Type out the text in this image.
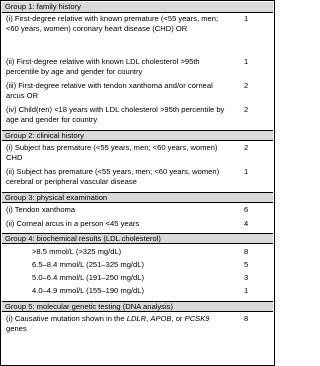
Group 1: family history
(i) First-degree relative with known premature (<55 years, men; <60 years, women) coronary heart disease (CHD) OR
1
(ii) First-degree relative with known LDL cholesterol >95th percentile by age and gender for country
1
(iii) First-degree relative with tendon xanthoma and/or corneal arcus OR
2
(iv) Child(ren) <18 years with LDL cholesterol >95th percentile by age and gender for country
2
Group 2: clinical history
(i) Subject has premature (<55 years, men; <60 years, women) CHD
2
(ii) Subject has premature (<55 years, men; <60 years, women) cerebral or peripheral vascular disease
1
Group 3: physical examination
(i) Tendon xanthoma	6
(ii) Corneal arcus in a person <45 years	4
Group 4: biochemical results (LDL cholesterol)
>8.5 mmol/L (>325 mg/dL)	8
6.5–8.4 mmol/L (251–325 mg/dL)	5
5.0–6.4 mmol/L (191–250 mg/dL)	3
4.0–4.9 mmol/L (155–190 mg/dL)	1
Group 5: molecular genetic testing (DNA analysis)
(i) Causative mutation shown in the LDLR, APOB, or PCSK9 genes
8
